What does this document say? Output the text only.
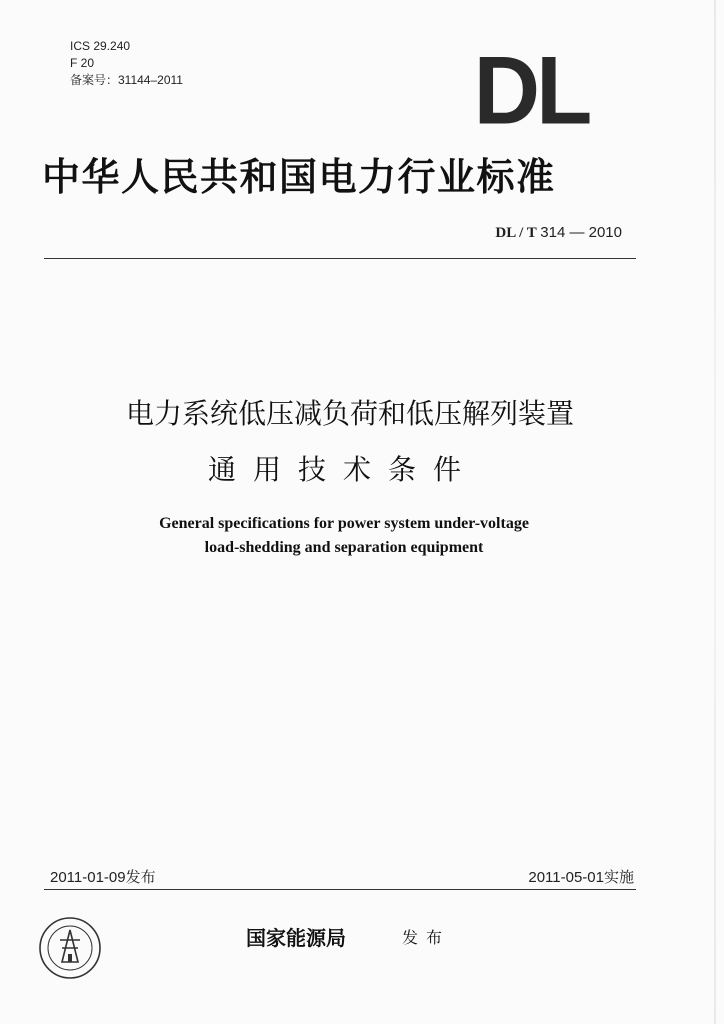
ICS 29.240
F 20
备案号：31144–2011	DL
中华人民共和国电力行业标准
DL / T 314 — 2010
电力系统低压减负荷和低压解列装置
通用技术条件
General specifications for power system under-voltage
load-shedding and separation equipment
2011-01-09发布	2011-05-01实施
国家能源局	发布
